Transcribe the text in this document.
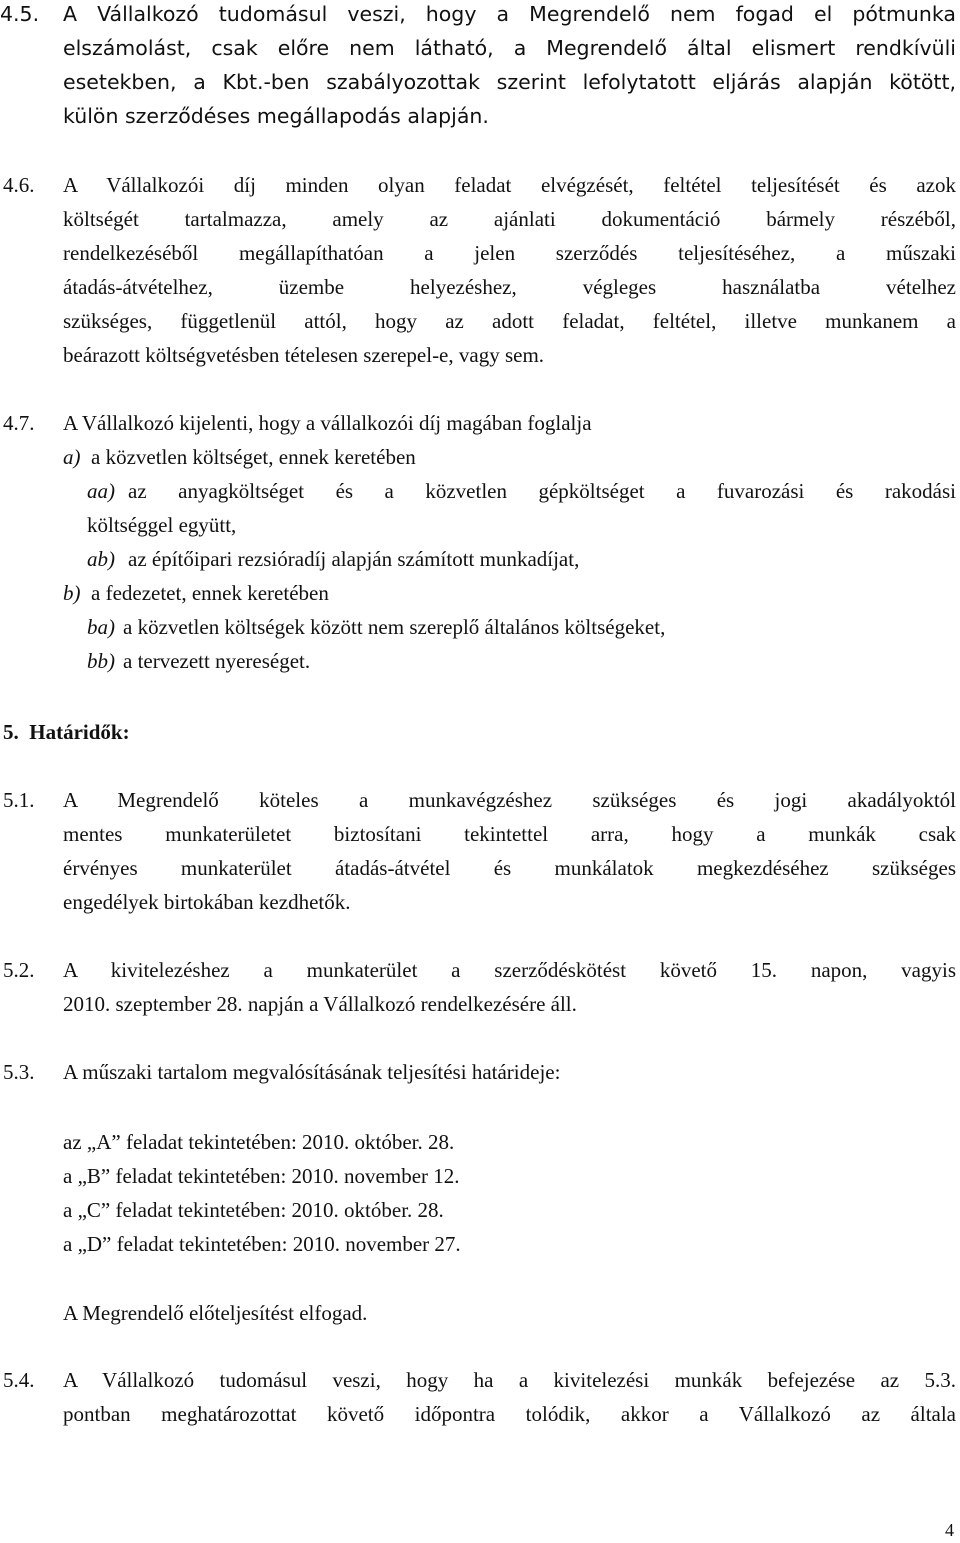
4.5. A Vállalkozó tudomásul veszi, hogy a Megrendelő nem fogad el pótmunka
elszámolást, csak előre nem látható, a Megrendelő által elismert rendkívüli
esetekben, a Kbt.-ben szabályozottak szerint lefolytatott eljárás alapján kötött,
külön szerződéses megállapodás alapján.
4.6. A Vállalkozói díj minden olyan feladat elvégzését, feltétel teljesítését és azok
költségét tartalmazza, amely az ajánlati dokumentáció bármely részéből,
rendelkezéséből megállapíthatóan a jelen szerződés teljesítéséhez, a műszaki
átadás-átvételhez, üzembe helyezéshez, végleges használatba vételhez
szükséges, függetlenül attól, hogy az adott feladat, feltétel, illetve munkanem a
beárazott költségvetésben tételesen szerepel-e, vagy sem.
4.7. A Vállalkozó kijelenti, hogy a vállalkozói díj magában foglalja
a) a közvetlen költséget, ennek keretében
aa) az anyagköltséget és a közvetlen gépköltséget a fuvarozási és rakodási
költséggel együtt,
ab) az építőipari rezsióradíj alapján számított munkadíjat,
b) a fedezetet, ennek keretében
ba) a közvetlen költségek között nem szereplő általános költségeket,
bb) a tervezett nyereséget.
5.  Határidők:
5.1. A Megrendelő köteles a munkavégzéshez szükséges és jogi akadályoktól
mentes munkaterületet biztosítani tekintettel arra, hogy a munkák csak
érvényes munkaterület átadás-átvétel és munkálatok megkezdéséhez szükséges
engedélyek birtokában kezdhetők.
5.2. A kivitelezéshez a munkaterület a szerződéskötést követő 15. napon, vagyis
2010. szeptember 28. napján a Vállalkozó rendelkezésére áll.
5.3. A műszaki tartalom megvalósításának teljesítési határideje:
az „A” feladat tekintetében: 2010. október. 28.
a „B” feladat tekintetében: 2010. november 12.
a „C” feladat tekintetében: 2010. október. 28.
a „D” feladat tekintetében: 2010. november 27.
A Megrendelő előteljesítést elfogad.
5.4. A Vállalkozó tudomásul veszi, hogy ha a kivitelezési munkák befejezése az 5.3.
pontban meghatározottat követő időpontra tolódik, akkor a Vállalkozó az általa
4
